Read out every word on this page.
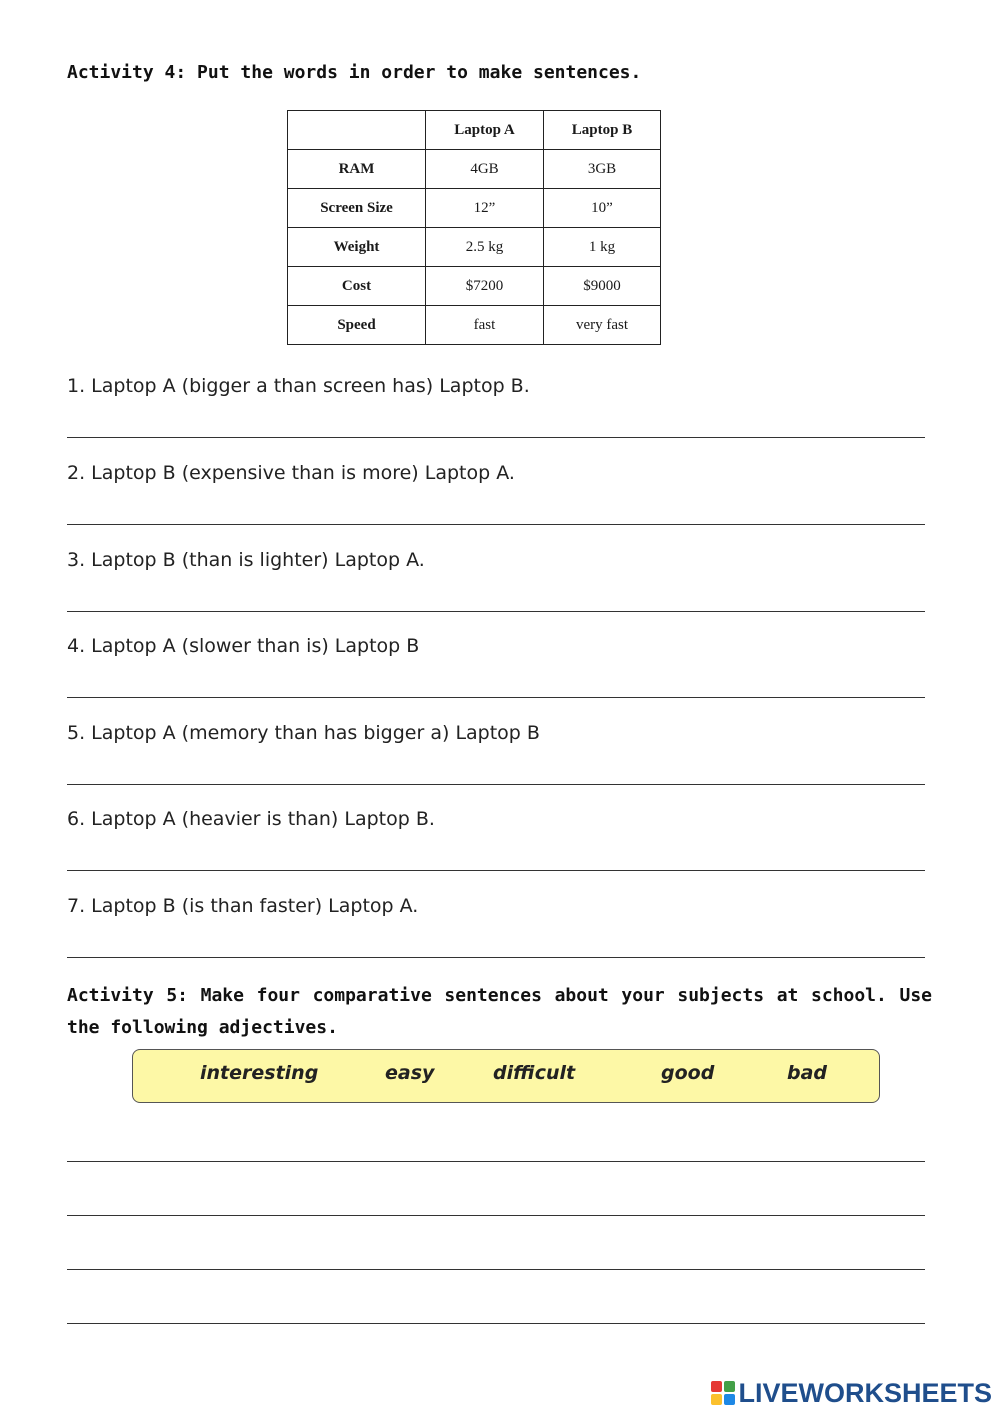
Activity 4: Put the words in order to make sentences.
	Laptop A	Laptop B
RAM	4GB	3GB
Screen Size	12”	10”
Weight	2.5 kg	1 kg
Cost	$7200	$9000
Speed	fast	very fast
1. Laptop A (bigger a than screen has) Laptop B.
2. Laptop B (expensive than is more) Laptop A.
3. Laptop B (than is lighter) Laptop A.
4. Laptop A (slower than is) Laptop B
5. Laptop A (memory than has bigger a) Laptop B
6. Laptop A (heavier is than) Laptop B.
7. Laptop B (is than faster) Laptop A.
Activity 5: Make four comparative sentences about your subjects at school. Use the following adjectives.
interesting	easy	difficult	good	bad
LIVEWORKSHEETS
